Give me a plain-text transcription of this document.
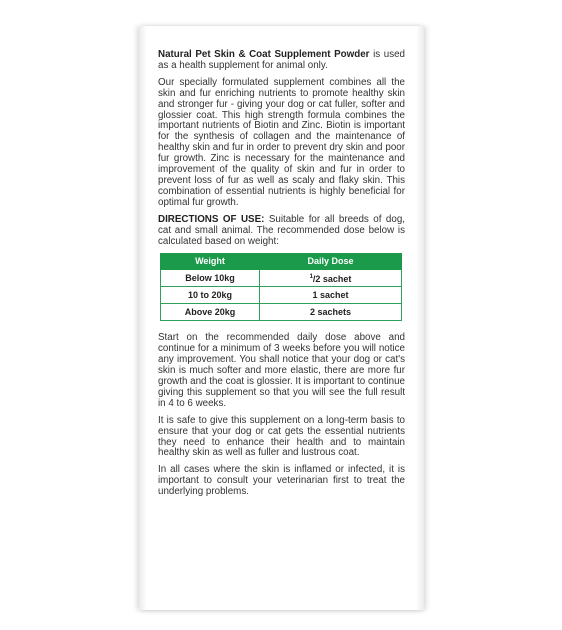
Natural Pet Skin & Coat Supplement Powder is used as a health supplement for animal only.

Our specially formulated supplement combines all the skin and fur enriching nutrients to promote healthy skin and stronger fur - giving your dog or cat fuller, softer and glossier coat. This high strength formula combines the important nutrients of Biotin and Zinc. Biotin is important for the synthesis of collagen and the maintenance of healthy skin and fur in order to prevent dry skin and poor fur growth. Zinc is necessary for the maintenance and improvement of the quality of skin and fur in order to prevent loss of fur as well as scaly and flaky skin. This combination of essential nutrients is highly beneficial for optimal fur growth.

DIRECTIONS OF USE: Suitable for all breeds of dog, cat and small animal. The recommended dose below is calculated based on weight:

Weight	Daily Dose
Below 10kg	$^1$/2 sachet
10 to 20kg	1 sachet
Above 20kg	2 sachets

Start on the recommended daily dose above and continue for a minimum of 3 weeks before you will notice any improvement. You shall notice that your dog or cat's skin is much softer and more elastic, there are more fur growth and the coat is glossier. It is important to continue giving this supplement so that you will see the full result in 4 to 6 weeks.

It is safe to give this supplement on a long-term basis to ensure that your dog or cat gets the essential nutrients they need to enhance their health and to maintain healthy skin as well as fuller and lustrous coat.

In all cases where the skin is inflamed or infected, it is important to consult your veterinarian first to treat the underlying problems.
